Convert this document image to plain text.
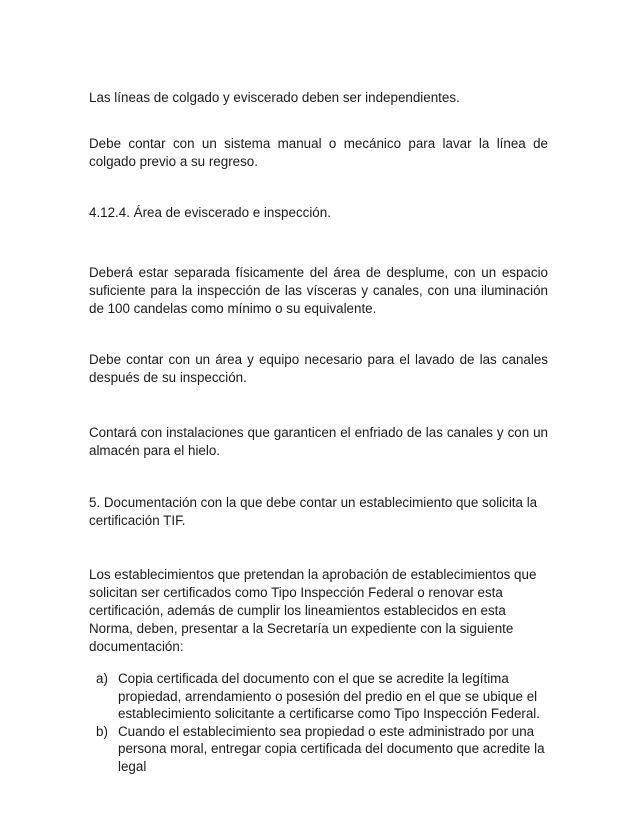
Las líneas de colgado y eviscerado deben ser independientes.

Debe contar con un sistema manual o mecánico para lavar la línea de colgado previo a su regreso.

4.12.4. Área de eviscerado e inspección.

Deberá estar separada físicamente del área de desplume, con un espacio suficiente para la inspección de las vísceras y canales, con una iluminación de 100 candelas como mínimo o su equivalente.

Debe contar con un área y equipo necesario para el lavado de las canales después de su inspección.

Contará con instalaciones que garanticen el enfriado de las canales y con un almacén para el hielo.

5. Documentación con la que debe contar un establecimiento que solicita la certificación TIF.

Los establecimientos que pretendan la aprobación de establecimientos que solicitan ser certificados como Tipo Inspección Federal o renovar esta certificación, además de cumplir los lineamientos establecidos en esta Norma, deben, presentar a la Secretaría un expediente con la siguiente documentación:

a) Copia certificada del documento con el que se acredite la legítima propiedad, arrendamiento o posesión del predio en el que se ubique el establecimiento solicitante a certificarse como Tipo Inspección Federal.
b) Cuando el establecimiento sea propiedad o este administrado por una persona moral, entregar copia certificada del documento que acredite la legal
